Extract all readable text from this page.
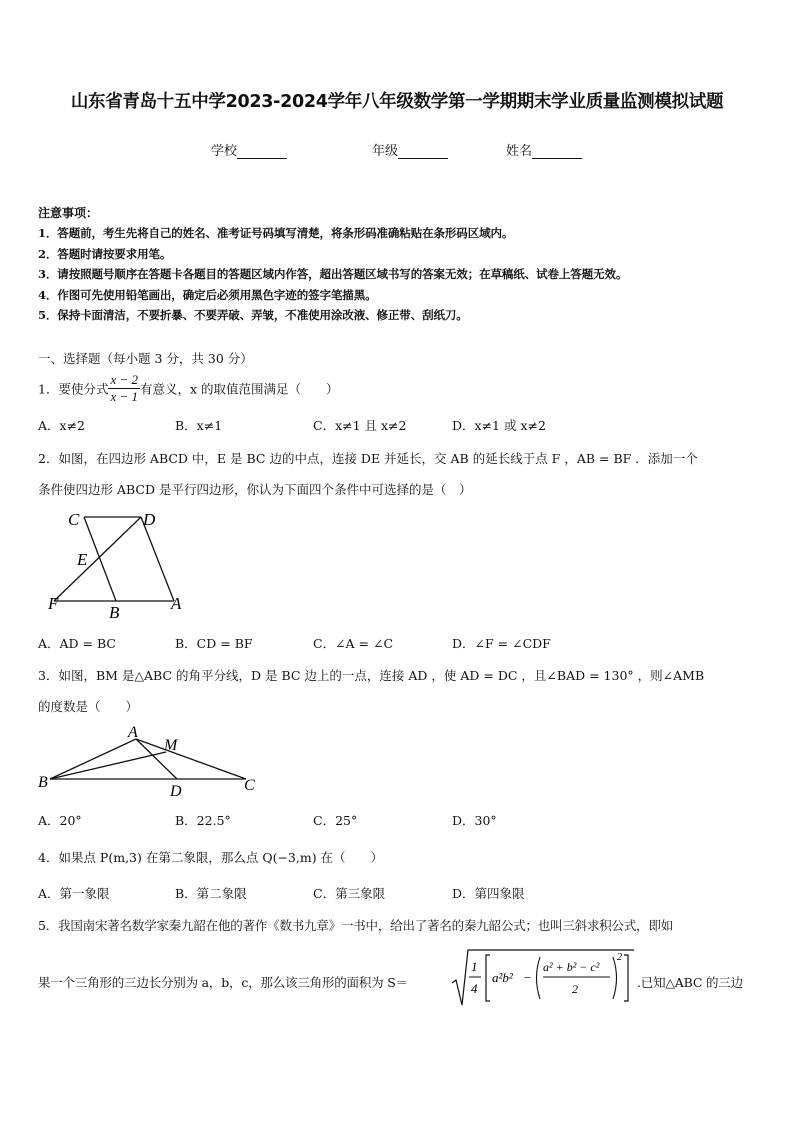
山东省青岛十五中学2023-2024学年八年级数学第一学期期末学业质量监测模拟试题
学校	年级	姓名
注意事项：
1．答题前，考生先将自己的姓名、准考证号码填写清楚，将条形码准确粘贴在条形码区域内。
2．答题时请按要求用笔。
3．请按照题号顺序在答题卡各题目的答题区域内作答，超出答题区域书写的答案无效；在草稿纸、试卷上答题无效。
4．作图可先使用铅笔画出，确定后必须用黑色字迹的签字笔描黑。
5．保持卡面清洁，不要折暴、不要弄破、弄皱，不准使用涂改液、修正带、刮纸刀。
一、选择题（每小题 3 分，共 30 分）
1．要使分式 $\frac{x - 2}{x - 1}$ 有意义，x 的取值范围满足（　　）
A．x≠2	B．x≠1	C．x≠1 且 x≠2	D．x≠1 或 x≠2
2．如图，在四边形 ABCD 中，E 是 BC 边的中点，连接 DE 并延长，交 AB 的延长线于点 F ，AB = BF ．添加一个
条件使四边形 ABCD 是平行四边形，你认为下面四个条件中可选择的是（　）
C	D
E
F	B	A
A．AD = BC	B．CD = BF	C．∠A = ∠C	D．∠F = ∠CDF
3．如图，BM 是△ABC 的角平分线，D 是 BC 边上的一点，连接 AD ，使 AD = DC ，且∠BAD = 130° ，则∠AMB
的度数是（　　）
A
M
B
D	C
A．20°	B．22.5°	C．25°	D．30°
4．如果点 P(m,3) 在第二象限，那么点 Q(−3,m) 在（　　）
A．第一象限	B．第二象限	C．第三象限	D．第四象限
5．我国南宋著名数学家秦九韶在他的著作《数书九章》一书中，给出了著名的秦九韶公式；也叫三斜求积公式，即如
果一个三角形的三边长分别为 a，b，c，那么该三角形的面积为 S＝
1
4
a²b² −
a² + b² − c²
2
2
.已知△ABC 的三边
